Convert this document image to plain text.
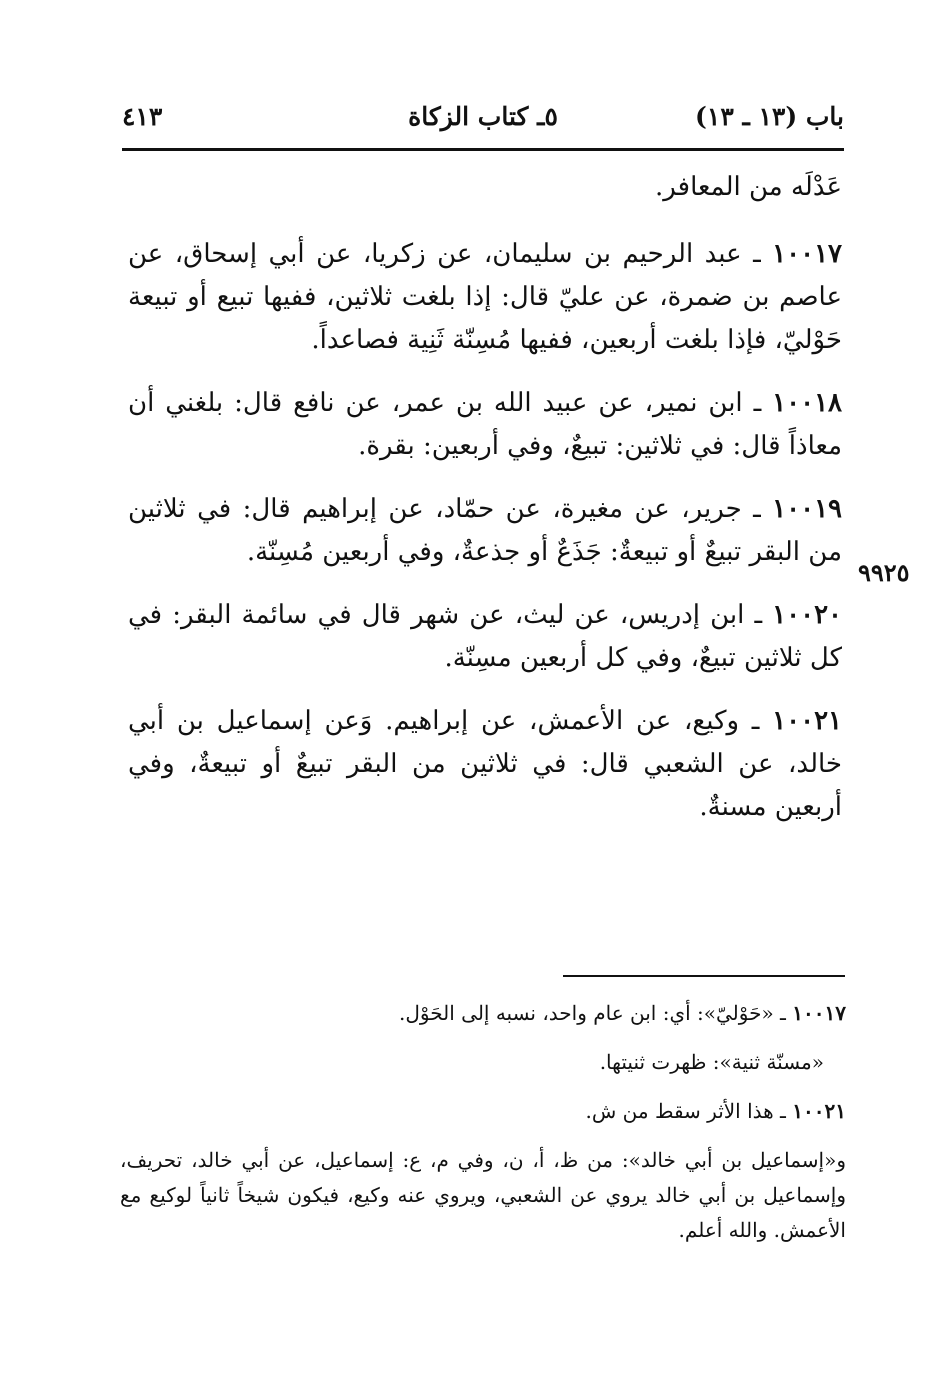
باب (١٣ ـ ١٣)
٥ـ كتاب الزكاة
٤١٣
٩٩٢٥

عَدْلَه من المعافر.

١٠٠١٧ ـ عبد الرحيم بن سليمان، عن زكريا، عن أبي إسحاق، عن عاصم بن ضمرة، عن عليّ قال: إذا بلغت ثلاثين، ففيها تبيع أو تبيعة حَوْليّ، فإذا بلغت أربعين، ففيها مُسِنّة ثَنِية فصاعداً.

١٠٠١٨ ـ ابن نمير، عن عبيد الله بن عمر، عن نافع قال: بلغني أن معاذاً قال: في ثلاثين: تبيعٌ، وفي أربعين: بقرة.

١٠٠١٩ ـ جرير، عن مغيرة، عن حمّاد، عن إبراهيم قال: في ثلاثين من البقر تبيعٌ أو تبيعةٌ: جَذَعٌ أو جذعةٌ، وفي أربعين مُسِنّة.

١٠٠٢٠ ـ ابن إدريس، عن ليث، عن شهر قال في سائمة البقر: في كل ثلاثين تبيعٌ، وفي كل أربعين مسِنّة.

١٠٠٢١ ـ وكيع، عن الأعمش، عن إبراهيم. وَعن إسماعيل بن أبي خالد، عن الشعبي قال: في ثلاثين من البقر تبيعٌ أو تبيعةٌ، وفي أربعين مسنةٌ.

١٠٠١٧ ـ «حَوْليّ»: أي: ابن عام واحد، نسبه إلى الحَوْل.

«مسنّة ثنية»: ظهرت ثنيتها.

١٠٠٢١ ـ هذا الأثر سقط من ش.

و«إسماعيل بن أبي خالد»: من ظ، أ، ن، وفي م، ع: إسماعيل، عن أبي خالد، تحريف، وإسماعيل بن أبي خالد يروي عن الشعبي، ويروي عنه وكيع، فيكون شيخاً ثانياً لوكيع مع الأعمش. والله أعلم.
